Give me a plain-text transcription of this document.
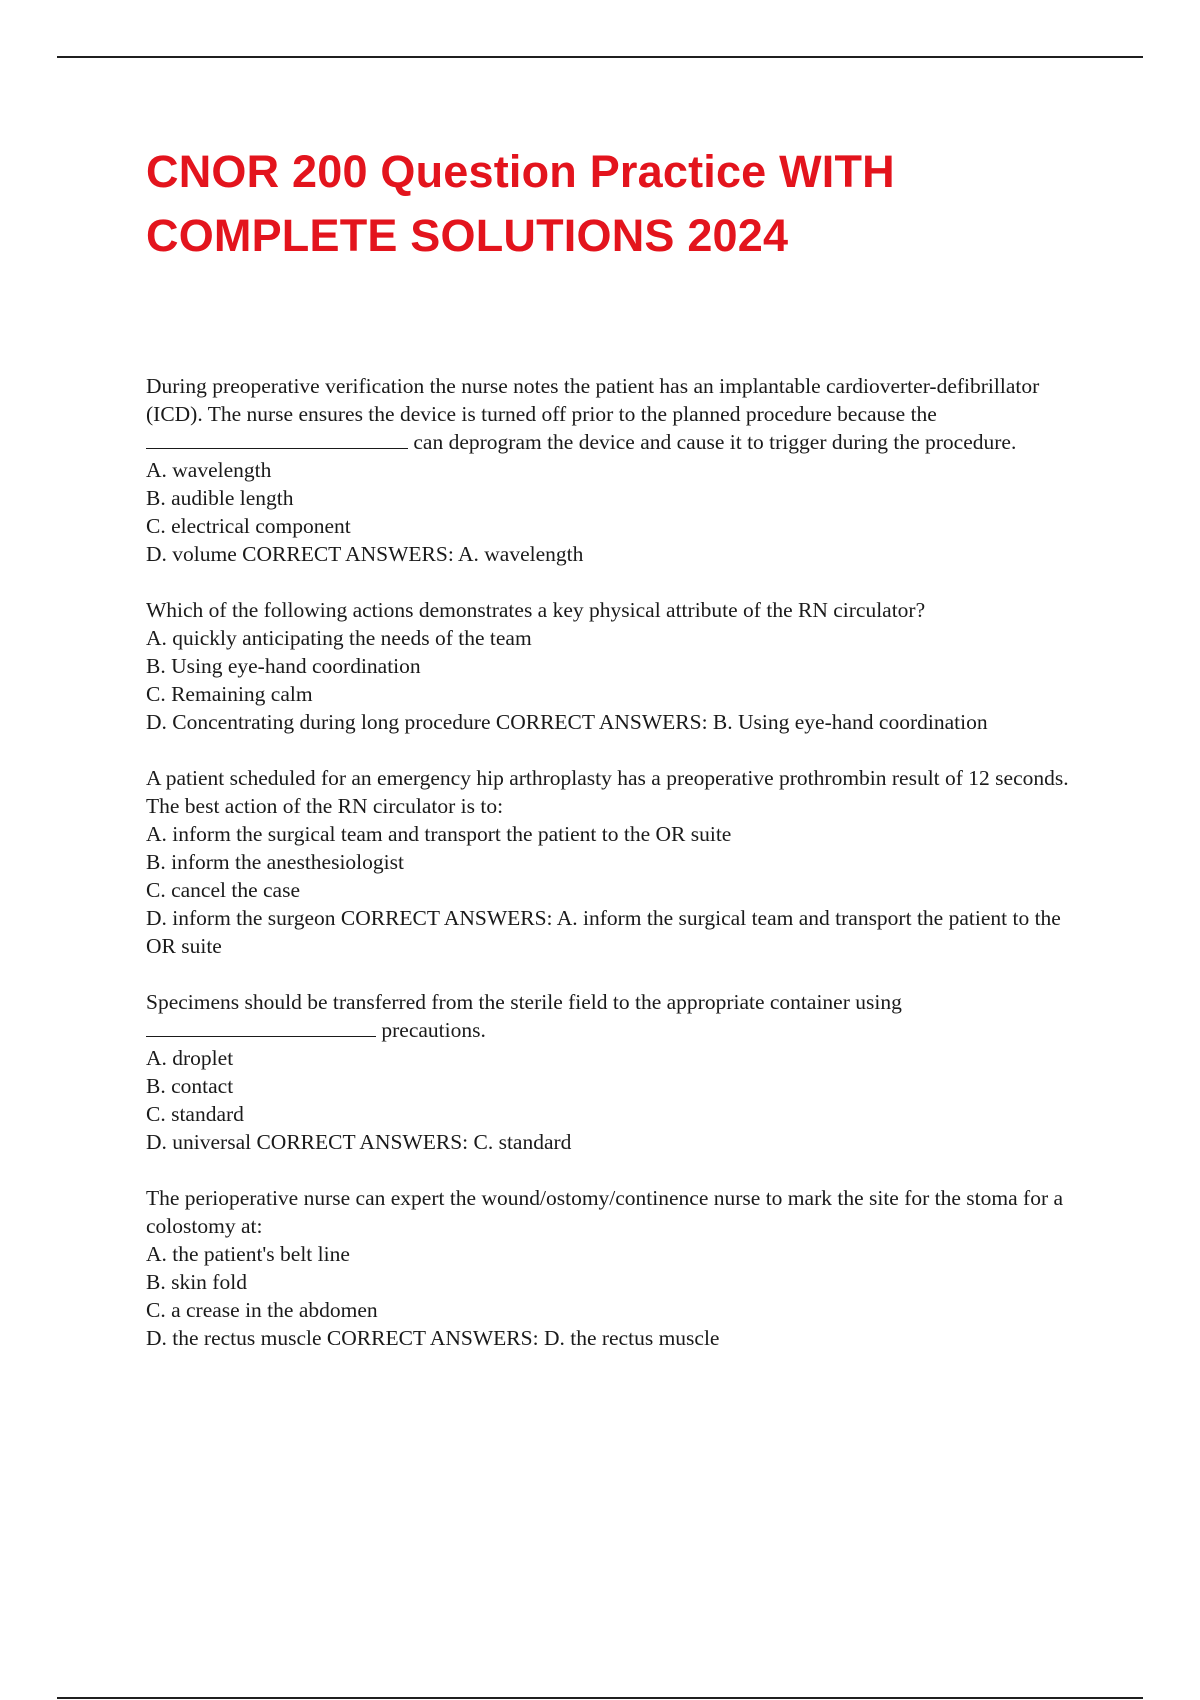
CNOR 200 Question Practice WITH
COMPLETE SOLUTIONS 2024

During preoperative verification the nurse notes the patient has an implantable cardioverter-defibrillator (ICD). The nurse ensures the device is turned off prior to the planned procedure because the  can deprogram the device and cause it to trigger during the procedure.

A. wavelength
B. audible length
C. electrical component
D. volume CORRECT ANSWERS: A. wavelength

Which of the following actions demonstrates a key physical attribute of the RN circulator?

A. quickly anticipating the needs of the team
B. Using eye-hand coordination
C. Remaining calm
D. Concentrating during long procedure CORRECT ANSWERS: B. Using eye-hand coordination

A patient scheduled for an emergency hip arthroplasty has a preoperative prothrombin result of 12 seconds. The best action of the RN circulator is to:

A. inform the surgical team and transport the patient to the OR suite
B. inform the anesthesiologist
C. cancel the case
D. inform the surgeon CORRECT ANSWERS: A. inform the surgical team and transport the patient to the OR suite

Specimens should be transferred from the sterile field to the appropriate container using
precautions.

A. droplet
B. contact
C. standard
D. universal CORRECT ANSWERS: C. standard

The perioperative nurse can expert the wound/ostomy/continence nurse to mark the site for the stoma for a colostomy at:

A. the patient's belt line
B. skin fold
C. a crease in the abdomen
D. the rectus muscle CORRECT ANSWERS: D. the rectus muscle
